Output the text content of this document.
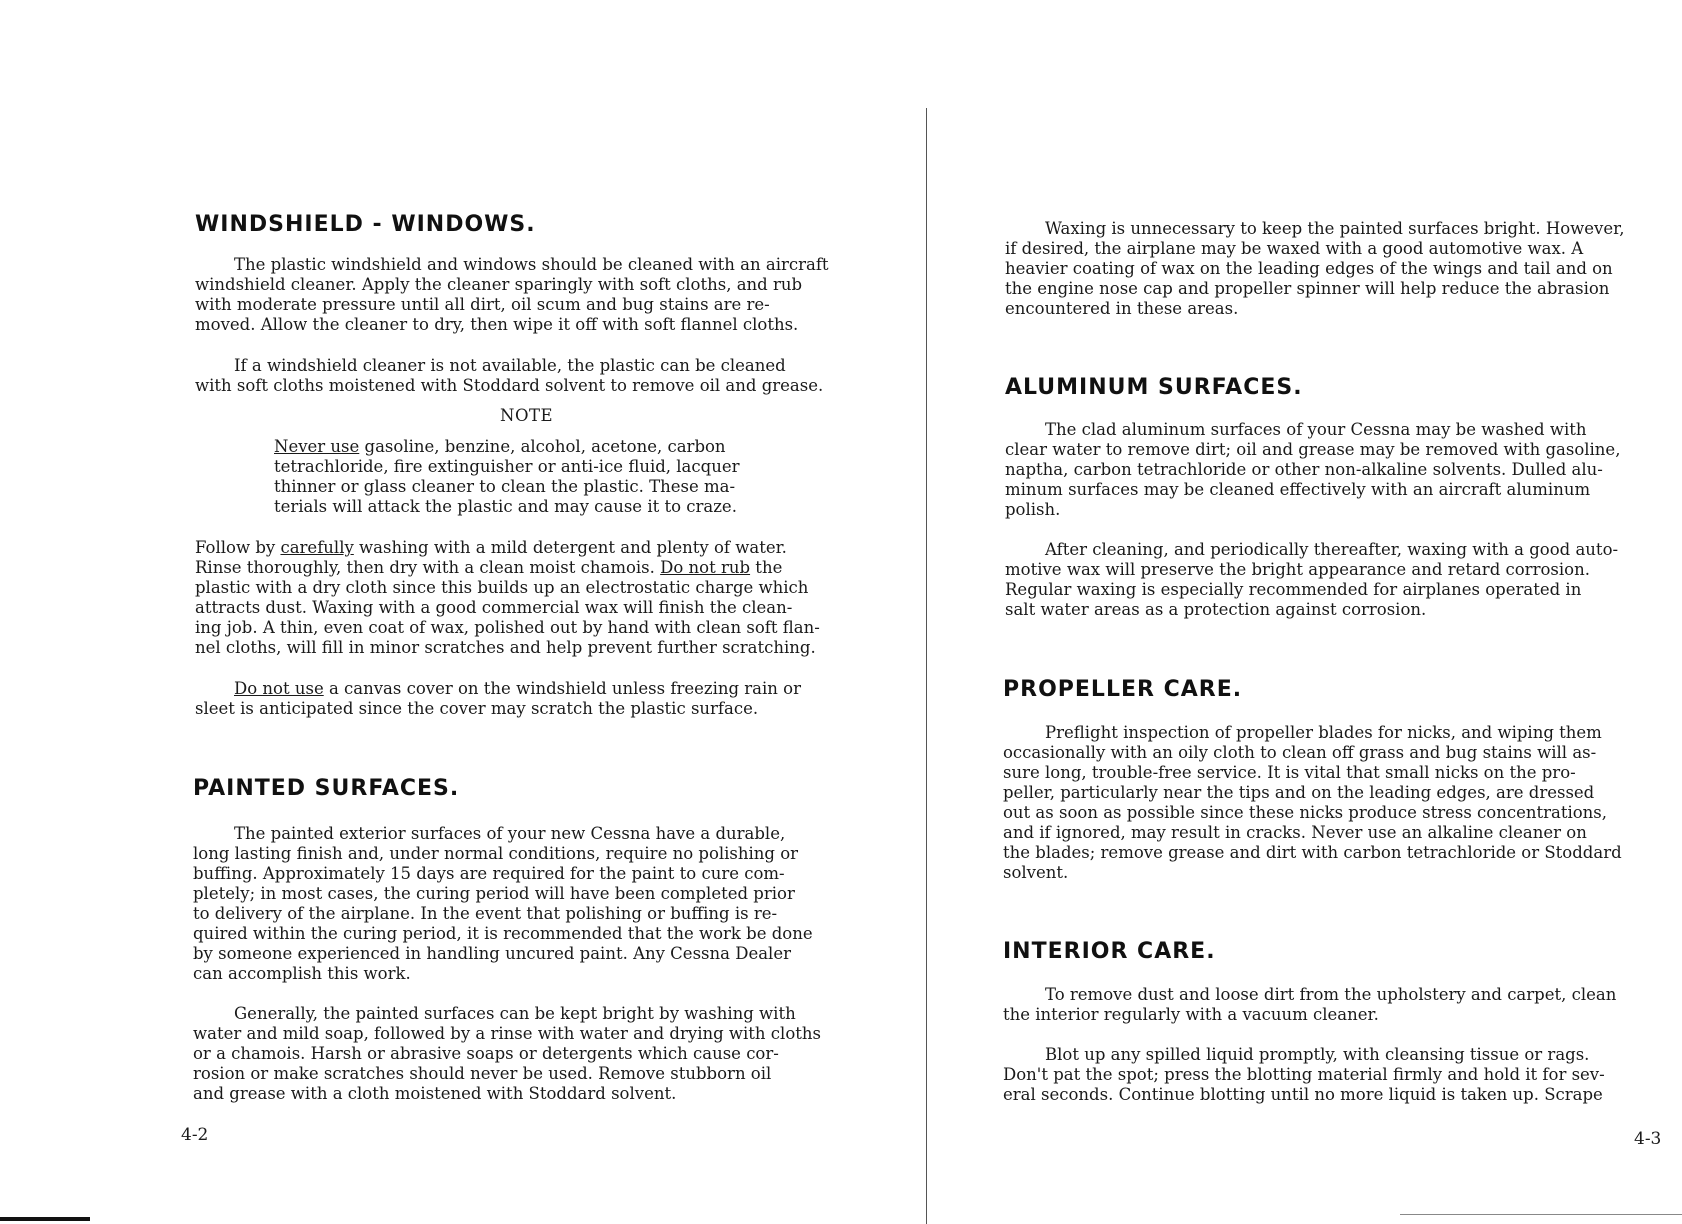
WINDSHIELD - WINDOWS.
The plastic windshield and windows should be cleaned with an aircraft
windshield cleaner. Apply the cleaner sparingly with soft cloths, and rub
with moderate pressure until all dirt, oil scum and bug stains are re-
moved. Allow the cleaner to dry, then wipe it off with soft flannel cloths.
If a windshield cleaner is not available, the plastic can be cleaned
with soft cloths moistened with Stoddard solvent to remove oil and grease.
NOTE
Never use gasoline, benzine, alcohol, acetone, carbon
tetrachloride, fire extinguisher or anti-ice fluid, lacquer
thinner or glass cleaner to clean the plastic. These ma-
terials will attack the plastic and may cause it to craze.
Follow by carefully washing with a mild detergent and plenty of water.
Rinse thoroughly, then dry with a clean moist chamois. Do not rub the
plastic with a dry cloth since this builds up an electrostatic charge which
attracts dust. Waxing with a good commercial wax will finish the clean-
ing job. A thin, even coat of wax, polished out by hand with clean soft flan-
nel cloths, will fill in minor scratches and help prevent further scratching.
Do not use a canvas cover on the windshield unless freezing rain or
sleet is anticipated since the cover may scratch the plastic surface.
PAINTED SURFACES.
The painted exterior surfaces of your new Cessna have a durable,
long lasting finish and, under normal conditions, require no polishing or
buffing. Approximately 15 days are required for the paint to cure com-
pletely; in most cases, the curing period will have been completed prior
to delivery of the airplane. In the event that polishing or buffing is re-
quired within the curing period, it is recommended that the work be done
by someone experienced in handling uncured paint. Any Cessna Dealer
can accomplish this work.
Generally, the painted surfaces can be kept bright by washing with
water and mild soap, followed by a rinse with water and drying with cloths
or a chamois. Harsh or abrasive soaps or detergents which cause cor-
rosion or make scratches should never be used. Remove stubborn oil
and grease with a cloth moistened with Stoddard solvent.
4-2
Waxing is unnecessary to keep the painted surfaces bright. However,
if desired, the airplane may be waxed with a good automotive wax. A
heavier coating of wax on the leading edges of the wings and tail and on
the engine nose cap and propeller spinner will help reduce the abrasion
encountered in these areas.
ALUMINUM SURFACES.
The clad aluminum surfaces of your Cessna may be washed with
clear water to remove dirt; oil and grease may be removed with gasoline,
naptha, carbon tetrachloride or other non-alkaline solvents. Dulled alu-
minum surfaces may be cleaned effectively with an aircraft aluminum
polish.
After cleaning, and periodically thereafter, waxing with a good auto-
motive wax will preserve the bright appearance and retard corrosion.
Regular waxing is especially recommended for airplanes operated in
salt water areas as a protection against corrosion.
PROPELLER CARE.
Preflight inspection of propeller blades for nicks, and wiping them
occasionally with an oily cloth to clean off grass and bug stains will as-
sure long, trouble-free service. It is vital that small nicks on the pro-
peller, particularly near the tips and on the leading edges, are dressed
out as soon as possible since these nicks produce stress concentrations,
and if ignored, may result in cracks. Never use an alkaline cleaner on
the blades; remove grease and dirt with carbon tetrachloride or Stoddard
solvent.
INTERIOR CARE.
To remove dust and loose dirt from the upholstery and carpet, clean
the interior regularly with a vacuum cleaner.
Blot up any spilled liquid promptly, with cleansing tissue or rags.
Don't pat the spot; press the blotting material firmly and hold it for sev-
eral seconds. Continue blotting until no more liquid is taken up. Scrape
4-3
